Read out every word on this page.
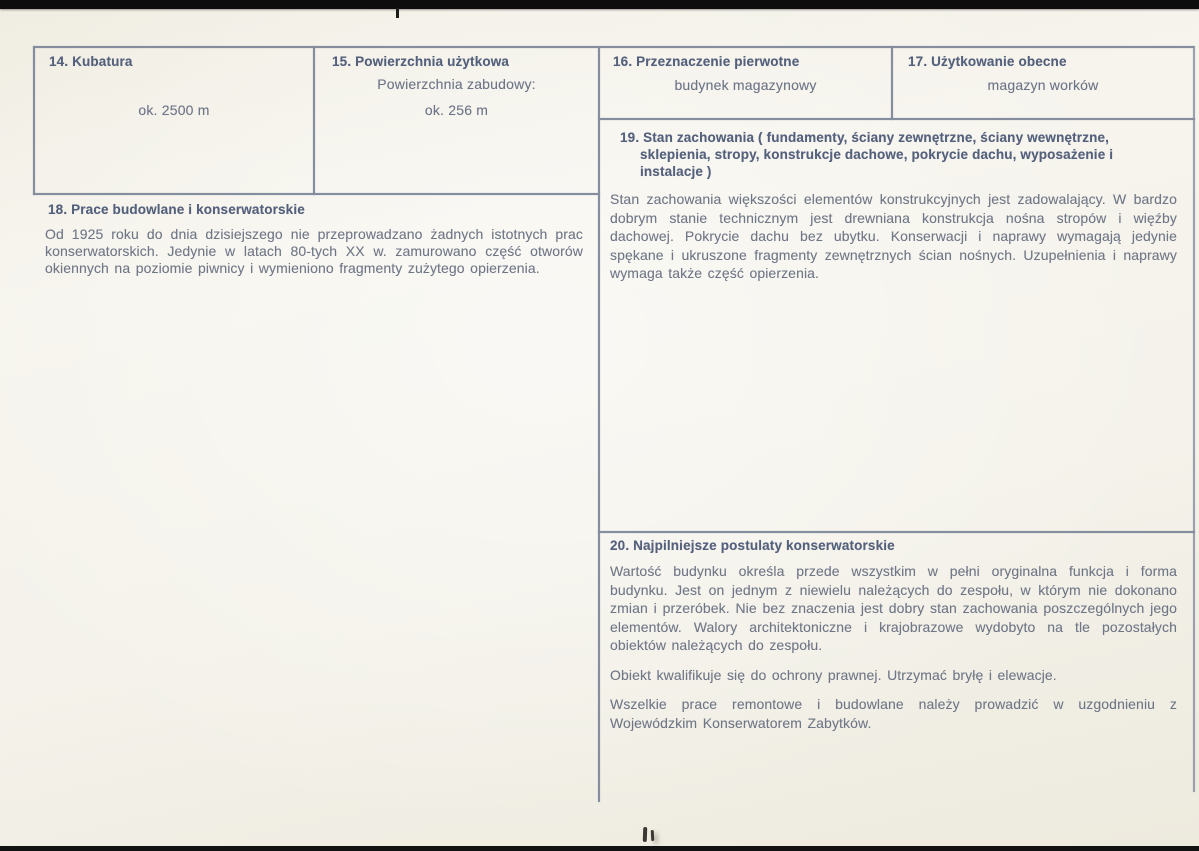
14. Kubatura
ok. 2500 m
15. Powierzchnia użytkowa
Powierzchnia zabudowy:
ok. 256 m
16. Przeznaczenie pierwotne
budynek magazynowy
17. Użytkowanie obecne
magazyn worków
19. Stan zachowania ( fundamenty, ściany zewnętrzne, ściany wewnętrzne, sklepienia, stropy, konstrukcje dachowe, pokrycie dachu, wyposażenie i instalacje )
Stan zachowania większości elementów konstrukcyjnych jest zadowalający. W bardzo dobrym stanie technicznym jest drewniana konstrukcja nośna stropów i więźby dachowej. Pokrycie dachu bez ubytku. Konserwacji i naprawy wymagają jedynie spękane i ukruszone fragmenty zewnętrznych ścian nośnych. Uzupełnienia i naprawy wymaga także część opierzenia.
18. Prace budowlane i konserwatorskie
Od 1925 roku do dnia dzisiejszego nie przeprowadzano żadnych istotnych prac konserwatorskich. Jedynie w latach 80-tych XX w. zamurowano część otworów okiennych na poziomie piwnicy i wymieniono fragmenty zużytego opierzenia.
20. Najpilniejsze postulaty konserwatorskie

Wartość budynku określa przede wszystkim w pełni oryginalna funkcja i forma budynku. Jest on jednym z niewielu należących do zespołu, w którym nie dokonano zmian i przeróbek. Nie bez znaczenia jest dobry stan zachowania poszczególnych jego elementów. Walory architektoniczne i krajobrazowe wydobyto na tle pozostałych obiektów należących do zespołu.

Obiekt kwalifikuje się do ochrony prawnej. Utrzymać bryłę i elewacje.

Wszelkie prace remontowe i budowlane należy prowadzić w uzgodnieniu z Wojewódzkim Konserwatorem Zabytków.
